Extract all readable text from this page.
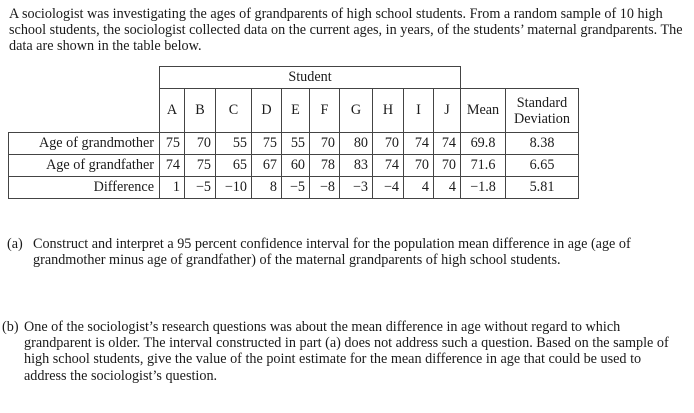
A sociologist was investigating the ages of grandparents of high school students. From a random sample of 10 high school students, the sociologist collected data on the current ages, in years, of the students’ maternal grandparents. The data are shown in the table below.

	Student											
	A	B	C	D	E	F	G	H	I	J	Mean	Standard
Deviation
Age of grandmother	75	70	55	75	55	70	80	70	74	74	69.8	8.38
Age of grandfather	74	75	65	67	60	78	83	74	70	70	71.6	6.65
Difference	1	−5	−10	8	−5	−8	−3	−4	4	4	−1.8	5.81
(a) Construct and interpret a 95 percent confidence interval for the population mean difference in age (age of grandmother minus age of grandfather) of the maternal grandparents of high school students.
(b) One of the sociologist’s research questions was about the mean difference in age without regard to which grandparent is older. The interval constructed in part (a) does not address such a question. Based on the sample of high school students, give the value of the point estimate for the mean difference in age that could be used to address the sociologist’s question.
